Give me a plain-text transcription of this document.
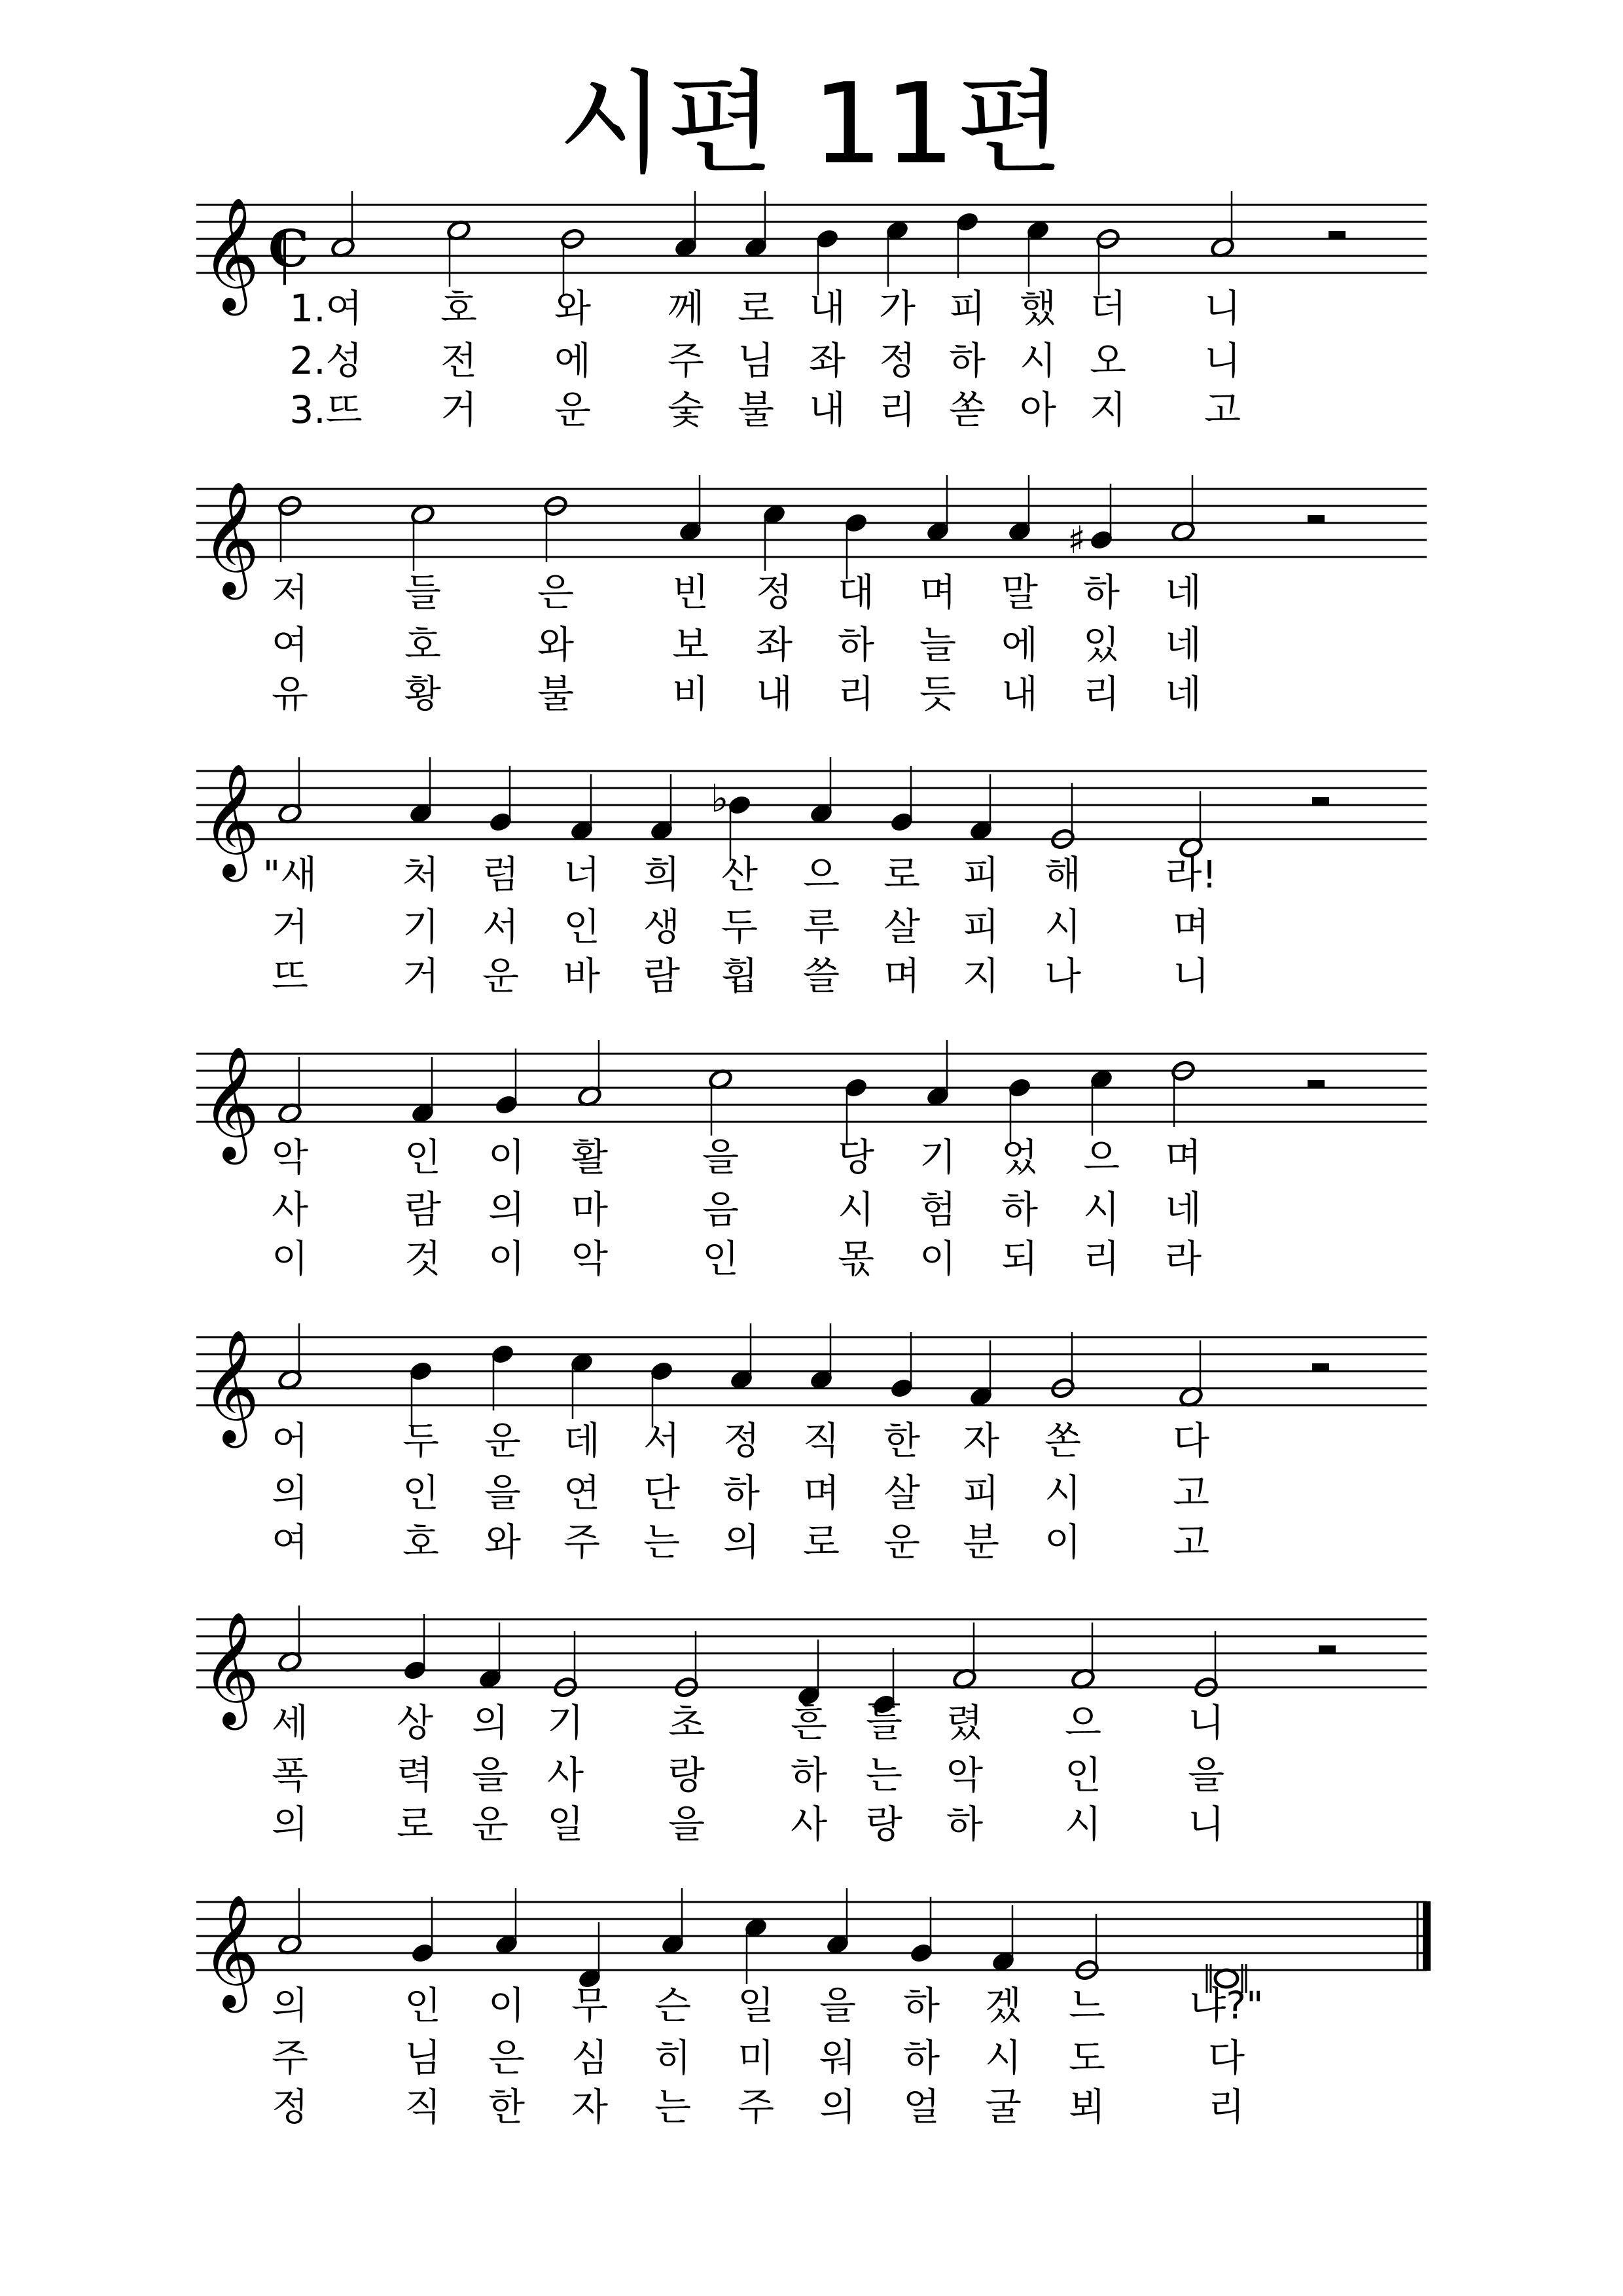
시편 11편
𝄞 C
𝄞	♯
𝄞	♭
𝄞
𝄞
𝄞
𝄞
1.여 호 와 께 로 내 가 피 했 더 니
2.성 전 에 주 님 좌 정 하 시 오 니
3.뜨 거 운 숯 불 내 리 쏟 아 지 고
저	들	은	빈 정 대 며 말 하 네
여	호	와	보 좌 하 늘 에 있 네
유	황	불	비 내 리 듯 내 리 네
"새 처 럼 너 희 산 으 로 피 해 라!
거 기 서 인 생 두 루 살 피 시 며
뜨 거 운 바 람 휩 쓸 며 지 나 니
악	인 이 활 을	당 기 었 으 며
사	람 의 마 음	시 험 하 시 네
이	것 이 악 인	몫 이 되 리 라
어 두 운 데 서 정 직 한 자 쏜 다
의 인 을 연 단 하 며 살 피 시 고
여 호 와 주 는 의 로 운 분 이 고
세 상 의 기 초 흔 들 렸 으 니
폭 력 을 사 랑 하 는 악 인 을
의 로 운 일 을 사 랑 하 시 니
의	인 이 무 슨 일 을 하 겠 느 냐?"
주	님 은 심 히 미 워 하 시 도	다
정	직 한 자 는 주 의 얼 굴 뵈	리
